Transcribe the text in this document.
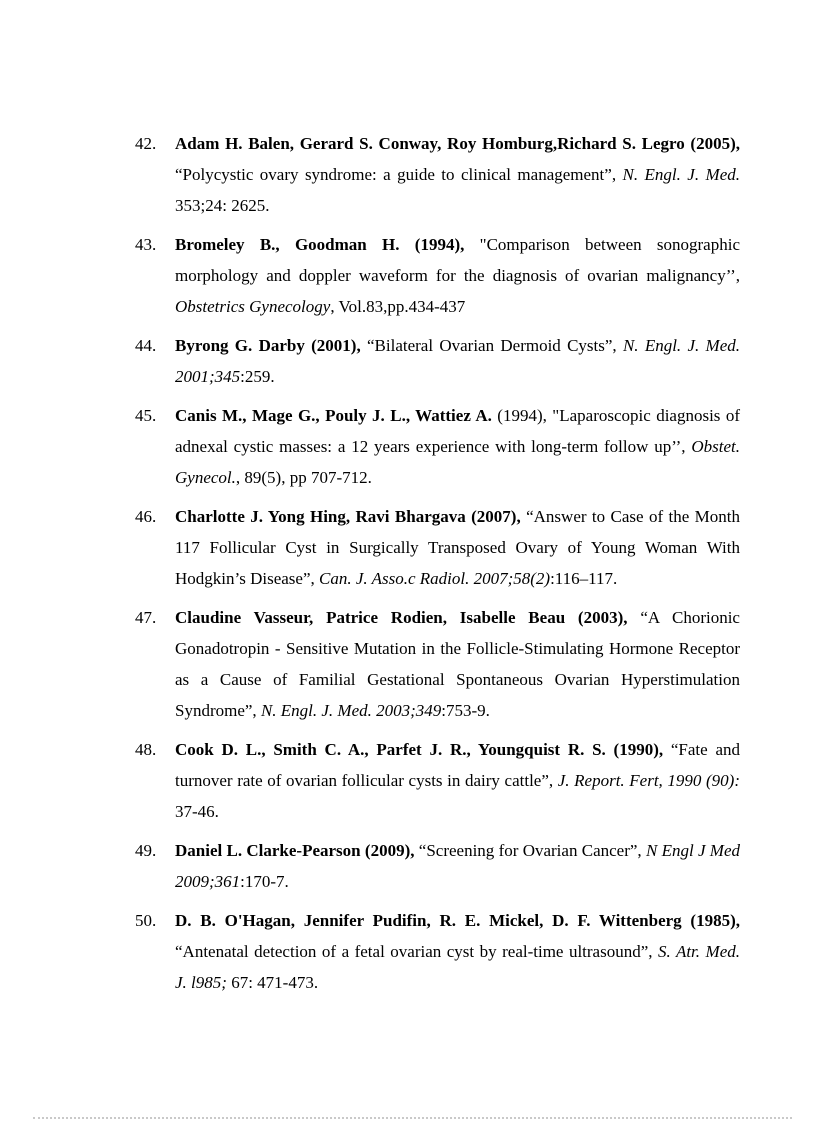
42.	Adam H. Balen, Gerard S. Conway, Roy Homburg,Richard S. Legro (2005), “Polycystic ovary syndrome: a guide to clinical management”, N. Engl. J. Med. 353;24: 2625.
43.	Bromeley B., Goodman H. (1994), "Comparison between sonographic morphology and doppler waveform for the diagnosis of ovarian malignancy’’, Obstetrics Gynecology, Vol.83,pp.434-437
44.	Byrong G. Darby (2001), “Bilateral Ovarian Dermoid Cysts”, N. Engl. J. Med. 2001;345:259.
45.	Canis M., Mage G., Pouly J. L., Wattiez A. (1994), "Laparoscopic diagnosis of adnexal cystic masses: a 12 years experience with long-term follow up’’, Obstet. Gynecol., 89(5), pp 707-712.
46.	Charlotte J. Yong Hing, Ravi Bhargava (2007), “Answer to Case of the Month 117 Follicular Cyst in Surgically Transposed Ovary of Young Woman With Hodgkin’s Disease”, Can. J. Asso.c Radiol. 2007;58(2):116–117.
47.	Claudine Vasseur, Patrice Rodien, Isabelle Beau (2003), “A Chorionic Gonadotropin - Sensitive Mutation in the Follicle-Stimulating Hormone Receptor as a Cause of Familial Gestational Spontaneous Ovarian Hyperstimulation Syndrome”, N. Engl. J. Med. 2003;349:753-9.
48.	Cook D. L., Smith C. A., Parfet J. R., Youngquist R. S. (1990), “Fate and turnover rate of ovarian follicular cysts in dairy cattle”, J. Report. Fert, 1990 (90): 37-46.
49.	Daniel L. Clarke-Pearson (2009), “Screening for Ovarian Cancer”, N Engl J Med 2009;361:170-7.
50.	D. B. O'Hagan, Jennifer Pudifin, R. E. Mickel, D. F. Wittenberg (1985), “Antenatal detection of a fetal ovarian cyst by real-time ultrasound”, S. Atr. Med. J. l985; 67: 471-473.
